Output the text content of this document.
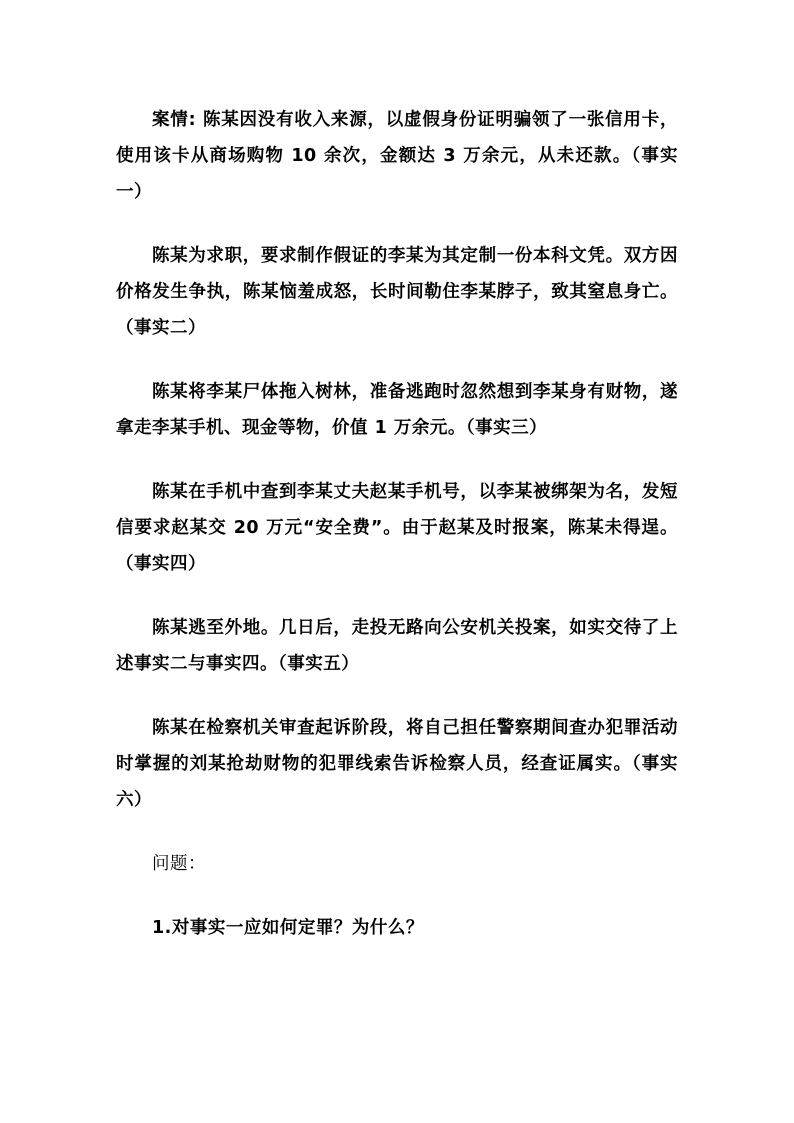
案情: 陈某因没有收入来源，以虚假身份证明骗领了一张信用卡，使用该卡从商场购物 10 余次，金额达 3 万余元，从未还款。（事实一）

陈某为求职，要求制作假证的李某为其定制一份本科文凭。双方因价格发生争执，陈某恼羞成怒，长时间勒住李某脖子，致其窒息身亡。（事实二）

陈某将李某尸体拖入树林，准备逃跑时忽然想到李某身有财物，遂拿走李某手机、现金等物，价值 1 万余元。（事实三）

陈某在手机中查到李某丈夫赵某手机号，以李某被绑架为名，发短信要求赵某交 20 万元“安全费”。由于赵某及时报案，陈某未得逞。（事实四）

陈某逃至外地。几日后，走投无路向公安机关投案，如实交待了上述事实二与事实四。（事实五）

陈某在检察机关审查起诉阶段，将自己担任警察期间查办犯罪活动时掌握的刘某抢劫财物的犯罪线索告诉检察人员，经查证属实。（事实六）

问题：

1.对事实一应如何定罪？为什么？
